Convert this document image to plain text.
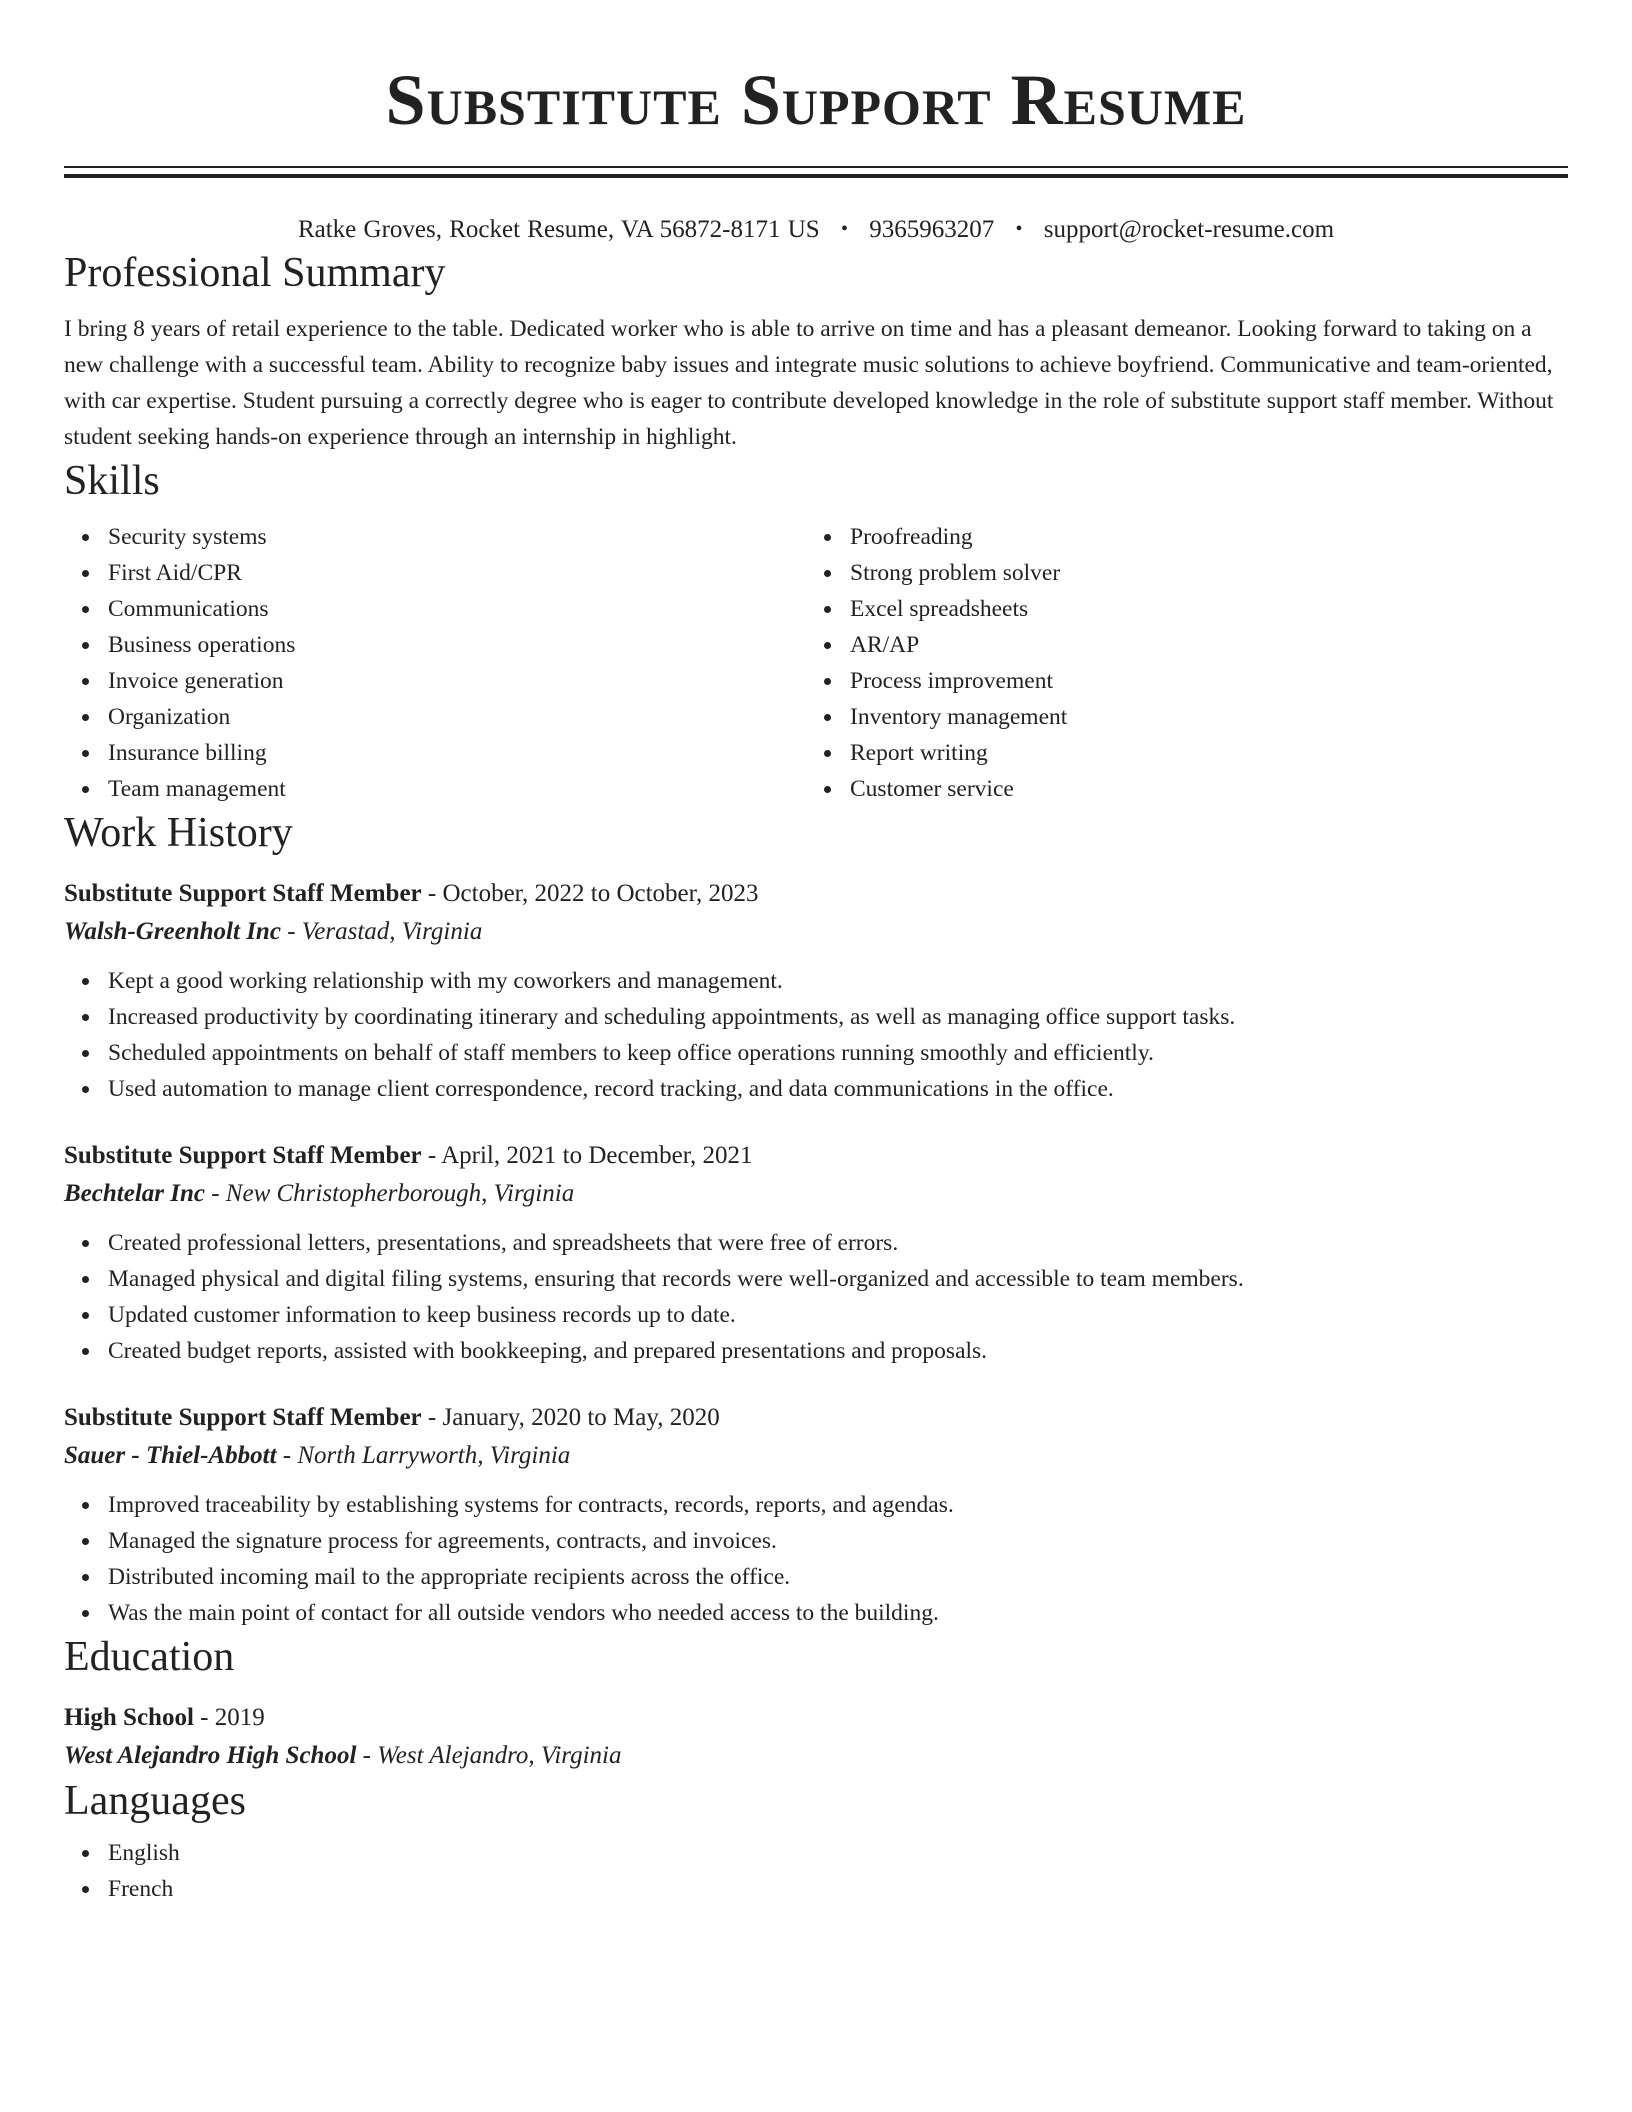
Substitute Support Resume
Ratke Groves, Rocket Resume, VA 56872-8171 US • 9365963207 • support@rocket-resume.com
Professional Summary

I bring 8 years of retail experience to the table. Dedicated worker who is able to arrive on time and has a pleasant demeanor. Looking forward to taking on a new challenge with a successful team. Ability to recognize baby issues and integrate music solutions to achieve boyfriend. Communicative and team-oriented, with car expertise. Student pursuing a correctly degree who is eager to contribute developed knowledge in the role of substitute support staff member. Without student seeking hands-on experience through an internship in highlight.

Skills
Security systems
First Aid/CPR
Communications
Business operations
Invoice generation
Organization
Insurance billing
Team management
Proofreading
Strong problem solver
Excel spreadsheets
AR/AP
Process improvement
Inventory management
Report writing
Customer service
Work History
Substitute Support Staff Member - October, 2022 to October, 2023
Walsh-Greenholt Inc - Verastad, Virginia
Kept a good working relationship with my coworkers and management.
Increased productivity by coordinating itinerary and scheduling appointments, as well as managing office support tasks.
Scheduled appointments on behalf of staff members to keep office operations running smoothly and efficiently.
Used automation to manage client correspondence, record tracking, and data communications in the office.
Substitute Support Staff Member - April, 2021 to December, 2021
Bechtelar Inc - New Christopherborough, Virginia
Created professional letters, presentations, and spreadsheets that were free of errors.
Managed physical and digital filing systems, ensuring that records were well-organized and accessible to team members.
Updated customer information to keep business records up to date.
Created budget reports, assisted with bookkeeping, and prepared presentations and proposals.
Substitute Support Staff Member - January, 2020 to May, 2020
Sauer - Thiel-Abbott - North Larryworth, Virginia
Improved traceability by establishing systems for contracts, records, reports, and agendas.
Managed the signature process for agreements, contracts, and invoices.
Distributed incoming mail to the appropriate recipients across the office.
Was the main point of contact for all outside vendors who needed access to the building.
Education
High School - 2019
West Alejandro High School - West Alejandro, Virginia
Languages
English
French
